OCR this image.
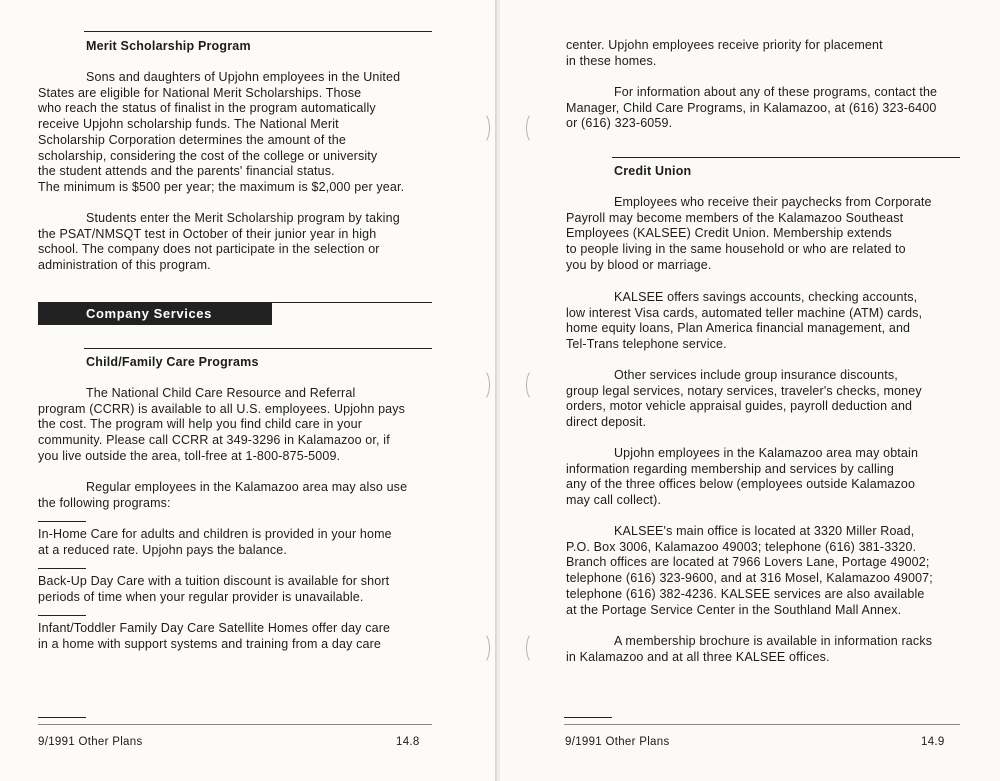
Merit Scholarship Program
Sons and daughters of Upjohn employees in the United
States are eligible for National Merit Scholarships. Those
who reach the status of finalist in the program automatically
receive Upjohn scholarship funds. The National Merit
Scholarship Corporation determines the amount of the
scholarship, considering the cost of the college or university
the student attends and the parents' financial status.
The minimum is $500 per year; the maximum is $2,000 per year.
Students enter the Merit Scholarship program by taking
the PSAT/NMSQT test in October of their junior year in high
school. The company does not participate in the selection or
administration of this program.
Company Services
Child/Family Care Programs
The National Child Care Resource and Referral
program (CCRR) is available to all U.S. employees. Upjohn pays
the cost. The program will help you find child care in your
community. Please call CCRR at 349-3296 in Kalamazoo or, if
you live outside the area, toll-free at 1-800-875-5009.
Regular employees in the Kalamazoo area may also use
the following programs:
In-Home Care for adults and children is provided in your home
at a reduced rate. Upjohn pays the balance.
Back-Up Day Care with a tuition discount is available for short
periods of time when your regular provider is unavailable.
Infant/Toddler Family Day Care Satellite Homes offer day care
in a home with support systems and training from a day care
9/1991 Other Plans	14.8
center. Upjohn employees receive priority for placement
in these homes.
For information about any of these programs, contact the
Manager, Child Care Programs, in Kalamazoo, at (616) 323-6400
or (616) 323-6059.
Credit Union
Employees who receive their paychecks from Corporate
Payroll may become members of the Kalamazoo Southeast
Employees (KALSEE) Credit Union. Membership extends
to people living in the same household or who are related to
you by blood or marriage.
KALSEE offers savings accounts, checking accounts,
low interest Visa cards, automated teller machine (ATM) cards,
home equity loans, Plan America financial management, and
Tel-Trans telephone service.
Other services include group insurance discounts,
group legal services, notary services, traveler's checks, money
orders, motor vehicle appraisal guides, payroll deduction and
direct deposit.
Upjohn employees in the Kalamazoo area may obtain
information regarding membership and services by calling
any of the three offices below (employees outside Kalamazoo
may call collect).
KALSEE's main office is located at 3320 Miller Road,
P.O. Box 3006, Kalamazoo 49003; telephone (616) 381-3320.
Branch offices are located at 7966 Lovers Lane, Portage 49002;
telephone (616) 323-9600, and at 316 Mosel, Kalamazoo 49007;
telephone (616) 382-4236. KALSEE services are also available
at the Portage Service Center in the Southland Mall Annex.
A membership brochure is available in information racks
in Kalamazoo and at all three KALSEE offices.
9/1991 Other Plans	14.9
